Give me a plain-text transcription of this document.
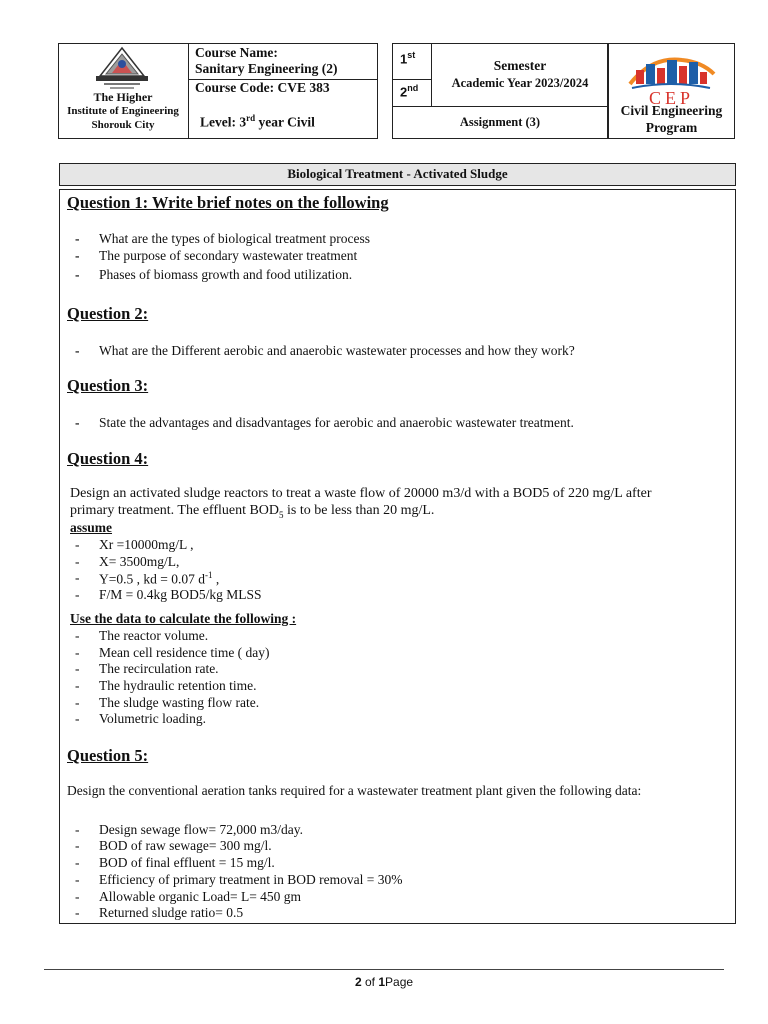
The Higher
Institute of Engineering
Shorouk City
Course Name:
Sanitary Engineering (2)
Course Code: CVE 383
Level: 3rd year Civil
1st
2nd
Semester
Academic Year 2023/2024
Assignment (3)
CEP
Civil Engineering
Program
Biological Treatment - Activated Sludge
Question 1: Write brief notes on the following
- What are the types of biological treatment process
- The purpose of secondary wastewater treatment
- Phases of biomass growth and food utilization.
Question 2:
- What are the Different aerobic and anaerobic wastewater processes and how they work?
Question 3:
- State the advantages and disadvantages for aerobic and anaerobic wastewater treatment.
Question 4:
Design an activated sludge reactors to treat a waste flow of 20000 m3/d with a BOD5 of 220 mg/L after
primary treatment. The effluent $BOD_5$ is to be less than 20 mg/L.
assume
- Xr =10000mg/L ,
- X= 3500mg/L,
- Y=0.5 , kd = 0.07 $d^{-1}$ ,
- F/M = 0.4kg BOD5/kg MLSS
Use the data to calculate the following :
- The reactor volume.
- Mean cell residence time ( day)
- The recirculation rate.
- The hydraulic retention time.
- The sludge wasting flow rate.
- Volumetric loading.
Question 5:
Design the conventional aeration tanks required for a wastewater treatment plant given the following data:
- Design sewage flow= 72,000 m3/day.
- BOD of raw sewage= 300 mg/l.
- BOD of final effluent = 15 mg/l.
- Efficiency of primary treatment in BOD removal = 30%
- Allowable organic Load= L= 450 gm
- Returned sludge ratio= 0.5
2 of 1Page
